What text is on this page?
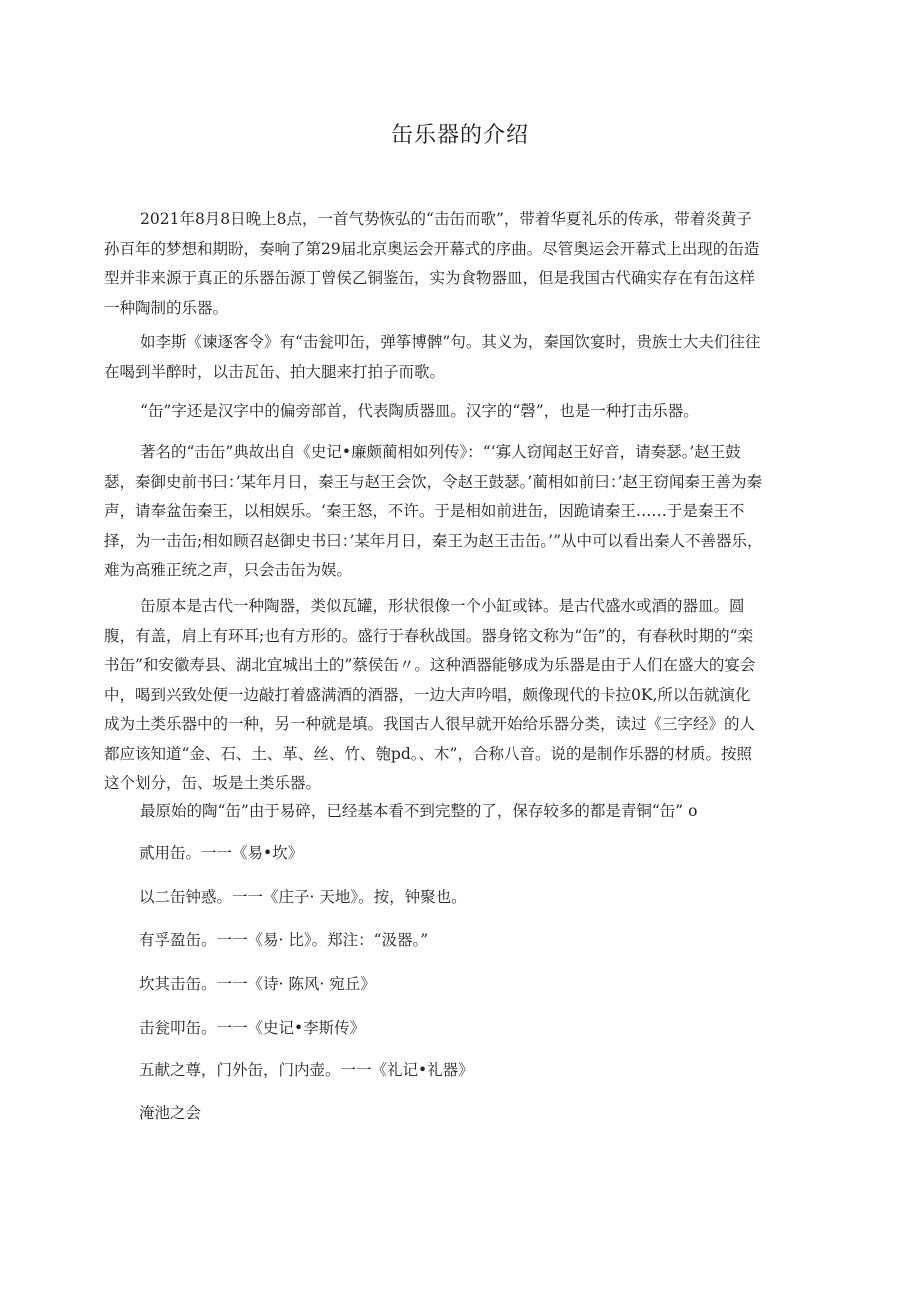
缶乐器的介绍

2021年8月8日晚上8点，一首气势恢弘的“击缶而歌”，带着华夏礼乐的传承，带着炎黄子孙百年的梦想和期盼，奏响了第29届北京奥运会开幕式的序曲。尽管奥运会开幕式上出现的缶造型并非来源于真正的乐器缶源丁曾侯乙铜鉴缶，实为食物器皿，但是我国古代确实存在有缶这样一种陶制的乐器。

如李斯《谏逐客令》有“击瓮叩缶，弹筝博髀”句。其义为，秦国饮宴时，贵族士大夫们往往在喝到半醉时，以击瓦缶、拍大腿来打拍子而歌。

“缶”字还是汉字中的偏旁部首，代表陶质器皿。汉字的“磬”，也是一种打击乐器。

著名的“击缶”典故出自《史记•廉颇蔺相如列传》：“‘寡人窃闻赵王好音，请奏瑟。’赵王鼓瑟，秦御史前书曰：’某年月日，秦王与赵王会饮，令赵王鼓瑟。’蔺相如前曰：’赵王窃闻秦王善为秦声，请奉盆缶秦王，以相娱乐。‘秦王怒，不许。于是相如前进缶，因跪请秦王……于是秦王不择，为一击缶;相如顾召赵御史书曰：’某年月日，秦王为赵王击缶。’”从中可以看出秦人不善器乐，难为高雅正统之声，只会击缶为娱。

缶原本是古代一种陶器，类似瓦罐，形状很像一个小缸或钵。是古代盛水或酒的器皿。圆腹，有盖，肩上有环耳;也有方形的。盛行于春秋战国。器身铭文称为“缶”的，有春秋时期的“栾书缶”和安徽寿县、湖北宜城出土的”蔡侯缶〃。这种酒器能够成为乐器是由于人们在盛大的宴会中，喝到兴致处便一边敲打着盛满酒的酒器，一边大声吟唱，颇像现代的卡拉0K,所以缶就演化成为土类乐器中的一种，另一种就是填。我国古人很早就开始给乐器分类，读过《三字经》的人都应该知道“金、石、土、革、丝、竹、匏pd。、木”，合称八音。说的是制作乐器的材质。按照这个划分，缶、坂是土类乐器。

最原始的陶“缶”由于易碎，已经基本看不到完整的了，保存较多的都是青铜“缶” o

贰用缶。一一《易•坎》

以二缶钟惑。一一《庄子· 天地》。按，钟聚也。

有孚盈缶。一一《易· 比》。郑注：“汲器。”

坎其击缶。一一《诗· 陈风· 宛丘》

击瓮叩缶。一一《史记•李斯传》

五献之尊，门外缶，门内壶。一一《礼记•礼器》

淹池之会
